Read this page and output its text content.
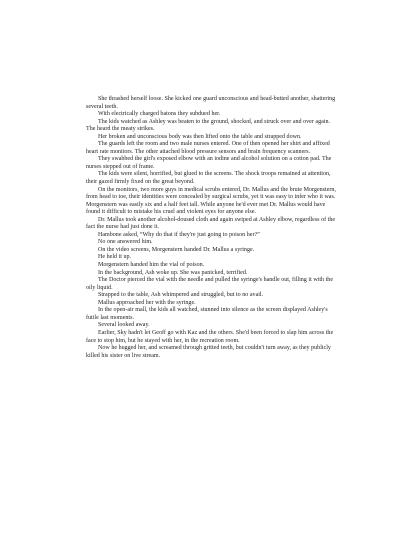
She thrashed herself loose. She kicked one guard unconscious and head-butted another, shattering several teeth.

With electrically charged batons they subdued her.

The kids watched as Ashley was beaten to the ground, shocked, and struck over and over again. The heard the meaty strikes.

Her broken and unconscious body was then lifted onto the table and strapped down.

The guards left the room and two male nurses entered. One of then opened her shirt and affixed heart rate monitors. The other attached blood pressure sensors and brain frequency scanners.

They swabbed the girl's exposed elbow with an iodine and alcohol solution on a cotton pad. The nurses stepped out of frame.

The kids were silent, horrified, but glued to the screens. The shock troops remained at attention, their gazed firmly fixed on the great beyond.

On the monitors, two more guys in medical scrubs entered, Dr. Mallus and the brute Morgenstern, from head to toe, their identities were concealed by surgical scrubs, yet it was easy to infer who it was. Morgenstern was easily six and a half feet tall. While anyone he'd ever met Dr. Mallus would have found it difficult to mistake his cruel and violent eyes for anyone else.

Dr. Mallus took another alcohol-doused cloth and again swiped at Ashley elbow, regardless of the fact the nurse had just done it.

Hambone asked, “Why do that if they're just going to poison her?”

No one answered him.

On the video screens, Morgenstern handed Dr. Mallus a syringe.

He held it up.

Morgenstern handed him the vial of poison.

In the background, Ash woke up. She was panicked, terrified.

The Doctor pierced the vial with the needle and pulled the syringe's handle out, filling it with the oily liquid.

Strapped to the table, Ash whimpered and struggled, but to no avail.

Mallus approached her with the syringe.

In the open-air mall, the kids all watched, stunned into silence as the screen displayed Ashley's futile last moments.

Several looked away.

Earlier, Sky hadn't let Geoff go with Kaz and the others. She'd been forced to slap him across the face to stop him, but he stayed with her, in the recreation room.

Now he hugged her, and screamed through gritted teeth, but couldn't turn away, as they publicly killed his sister on live stream.
